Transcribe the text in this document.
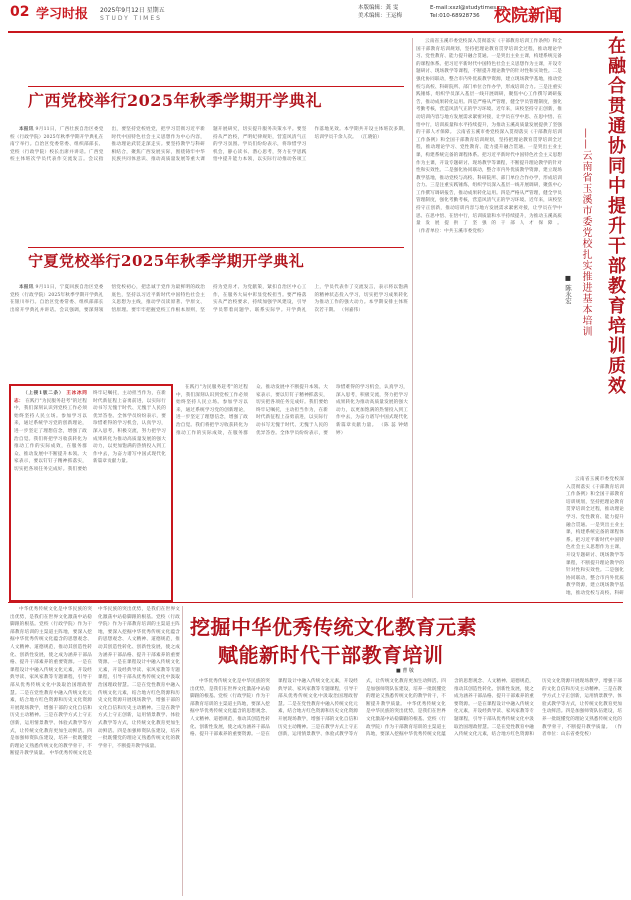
02 学习时报 2025年9月12日 星期五
STUDY TIMES
本版编辑：龚 雯
美术编辑：王运梅
E-mail:xxzl@studytimes.cn
Tel:010-68928736 校院新闻
广西党校举行2025年秋季学期开学典礼

本报讯 9月11日，广西壮族自治区委党校（行政学院）2025年秋季学期开学典礼在南宁举行。自治区党委常委、组织部部长、党校（行政学院）校长出席并讲话。广西党校主体班次学员代表作交流发言。会议指出，要坚持党校姓党，把学习贯彻习近平新时代中国特色社会主义思想作为中心内容，推动理论武装走深走实。要坚持教学与科研相结合，聚焦广西发展实际，围绕铸牢中华民族共同体意识、推动高质量发展等重大课题开展研究，切实提升服务决策水平。要坚持从严治校，严明纪律规矩，营造风清气正的学习氛围。学员们纷纷表示，将珍惜学习机会，静心读书、潜心思考，努力在学思践悟中提升能力本领，以实际行动推动各项工作落地见效。本学期共开设主体班次多期，培训学员千余人次。 （江晓铂）

宁夏党校举行2025年秋季学期开学典礼

本报讯 9月11日，宁夏回族自治区党委党校（行政学院）2025年秋季学期开学典礼在银川举行。自治区党委常委、组织部部长出席开学典礼并讲话。会议强调，要深刻领悟党校初心，把忠诚于党作为最鲜明的政治底色，坚持以习近平新时代中国特色社会主义思想为主线，推动学员读原著、学原文、悟原理。要牢牢把握党校工作根本原则，坚持为党育才、为党献策，紧扣自治区中心工作，在服务大局中彰显党校担当。要严格落实从严治校要求，持续加强学风建设，引导学员带着问题学、联系实际学。开学典礼上，学员代表作了交流发言，表示将以饱满的精神状态投入学习，切实把学习成果转化为推动工作的强大动力。本学期安排主体班次若干期。 （何嘉伟）

（上接1版二条） 王冰冰同志： 在践行"为民服务赶考"的过程中，我们深刻认识到党校工作必须始终坚持人民立场。参加学习以来，通过系统学习党的创新理论，进一步坚定了理想信念，增强了政治自觉。我们将把学习收获转化为推动工作的实际成效，在服务群众、推动发展中不断提升本领。大家表示，要以钉钉子精神抓落实，切实把各项任务完成好。我们要始终牢记嘱托，主动担当作为，在新时代新征程上奋勇前进，以实际行动书写无愧于时代、无愧于人民的优异答卷。全体学员纷纷表示，要珍惜难得的学习机会，认真学习，深入思考，积极交流，努力把学习成果转化为推动高质量发展的强大动力，以更加饱满的热情投入到工作中去，为奋力谱写中国式现代化新篇章贡献力量。

在践行"为民服务赶考"的过程中，我们深刻认识到党校工作必须始终坚持人民立场。参加学习以来，通过系统学习党的创新理论，进一步坚定了理想信念，增强了政治自觉。我们将把学习收获转化为推动工作的实际成效，在服务群众、推动发展中不断提升本领。大家表示，要以钉钉子精神抓落实，切实把各项任务完成好。我们要始终牢记嘱托，主动担当作为，在新时代新征程上奋勇前进，以实际行动书写无愧于时代、无愧于人民的优异答卷。全体学员纷纷表示，要珍惜难得的学习机会，认真学习，深入思考，积极交流，努力把学习成果转化为推动高质量发展的强大动力，以更加饱满的热情投入到工作中去，为奋力谱写中国式现代化新篇章贡献力量。 （陈 蕊 钟婧婷）

在融合贯通协同中提升干部教育培训质效
——云南省玉溪市委党校扎实推进基本培训
■ 陈永宏

云南省玉溪市委党校深入贯彻落实《干部教育培训工作条例》和全国干部教育培训规划，坚持把理论教育贯穿培训全过程，推动理论学习、党性教育、能力提升融合贯通。一是突出主业主课，构建系统完备的课程体系。把习近平新时代中国特色社会主义思想作为主课，开设专题研讨、现场教学等课程，不断提升理论教学的针对性和实效性。二是强化协同联动，整合市内外优质教学资源，建立现场教学基地，推动党校与高校、科研院所、部门单位合作办学，形成培训合力。三是注重实践锤炼，组织学员深入基层一线开展调研，聚焦中心工作撰写调研报告，推动成果转化运用。四是严格从严管理，健全学员管理制度，强化考勤考核，营造风清气正的学习环境。近年来，该校坚持守正创新，推动培训内容与地方发展需求紧密对接，让学员在学中思、在思中悟、在悟中行，培训质量和水平持续提升，为推动玉溪高质量发展提供了坚强的干部人才保障。 云南省玉溪市委党校深入贯彻落实《干部教育培训工作条例》和全国干部教育培训规划，坚持把理论教育贯穿培训全过程，推动理论学习、党性教育、能力提升融合贯通。一是突出主业主课，构建系统完备的课程体系。把习近平新时代中国特色社会主义思想作为主课，开设专题研讨、现场教学等课程，不断提升理论教学的针对性和实效性。二是强化协同联动，整合市内外优质教学资源，建立现场教学基地，推动党校与高校、科研院所、部门单位合作办学，形成培训合力。三是注重实践锤炼，组织学员深入基层一线开展调研，聚焦中心工作撰写调研报告，推动成果转化运用。四是严格从严管理，健全学员管理制度，强化考勤考核，营造风清气正的学习环境。近年来，该校坚持守正创新，推动培训内容与地方发展需求紧密对接，让学员在学中思、在思中悟、在悟中行，培训质量和水平持续提升，为推动玉溪高质量发展提供了坚强的干部人才保障。 （作者单位：中共玉溪市委党校）

云南省玉溪市委党校深入贯彻落实《干部教育培训工作条例》和全国干部教育培训规划，坚持把理论教育贯穿培训全过程，推动理论学习、党性教育、能力提升融合贯通。一是突出主业主课，构建系统完备的课程体系。把习近平新时代中国特色社会主义思想作为主课，开设专题研讨、现场教学等课程，不断提升理论教学的针对性和实效性。二是强化协同联动，整合市内外优质教学资源，建立现场教学基地，推动党校与高校、科研

中华优秀传统文化是中华民族的突出优势，是我们在世界文化激荡中站稳脚跟的根基。党校（行政学院）作为干部教育培训的主渠道主阵地，要深入挖掘中华优秀传统文化蕴含的思想观念、人文精神、道德规范，推动其创造性转化、创新性发展，使之成为涵养干部品格、提升干部素养的重要资源。一是在课程设计中融入传统文化元素，开设经典导读、家风家教等专题课程，引导干部从优秀传统文化中汲取治国理政智慧。二是在党性教育中融入传统文化元素，结合地方红色资源和历史文化资源开展现场教学，增强干部的文化自信和历史主动精神。三是在教学方式上守正创新，运用情景教学、体验式教学等方式，让传统文化教育更加生动鲜活。四是加强师资队伍建设，培养一批既懂党的理论又熟悉传统文化的教学骨干，不断提升教学质量。 中华优秀传统文化是中华民族的突出优势，是我们在世界文化激荡中站稳脚跟的根基。党校（行政学院）作为干部教育培训的主渠道主阵地，要深入挖掘中华优秀传统文化蕴含的思想观念、人文精神、道德规范，推动其创造性转化、创新性发展，使之成为涵养干部品格、提升干部素养的重要资源。一是在课程设计中融入传统文化元素，开设经典导读、家风家教等专题课程，引导干部从优秀传统文化中汲取治国理政智慧。二是在党性教育中融入传统文化元素，结合地方红色资源和历史文化资源开展现场教学，增强干部的文化自信和历史主动精神。三是在教学方式上守正创新，运用情景教学、体验式教学等方式，让传统文化教育更加生动鲜活。四是加强师资队伍建设，培养一批既懂党的理论又熟悉传统文化的教学骨干，不断提升教学质量。

挖掘中华优秀传统文化教育元素
赋能新时代干部教育培训
■ 曹 敬

中华优秀传统文化是中华民族的突出优势，是我们在世界文化激荡中站稳脚跟的根基。党校（行政学院）作为干部教育培训的主渠道主阵地，要深入挖掘中华优秀传统文化蕴含的思想观念、人文精神、道德规范，推动其创造性转化、创新性发展，使之成为涵养干部品格、提升干部素养的重要资源。一是在课程设计中融入传统文化元素，开设经典导读、家风家教等专题课程，引导干部从优秀传统文化中汲取治国理政智慧。二是在党性教育中融入传统文化元素，结合地方红色资源和历史文化资源开展现场教学，增强干部的文化自信和历史主动精神。三是在教学方式上守正创新，运用情景教学、体验式教学等方式，让传统文化教育更加生动鲜活。四是加强师资队伍建设，培养一批既懂党的理论又熟悉传统文化的教学骨干，不断提升教学质量。 中华优秀传统文化是中华民族的突出优势，是我们在世界文化激荡中站稳脚跟的根基。党校（行政学院）作为干部教育培训的主渠道主阵地，要深入挖掘中华优秀传统文化蕴含的思想观念、人文精神、道德规范，推动其创造性转化、创新性发展，使之成为涵养干部品格、提升干部素养的重要资源。一是在课程设计中融入传统文化元素，开设经典导读、家风家教等专题课程，引导干部从优秀传统文化中汲取治国理政智慧。二是在党性教育中融入传统文化元素，结合地方红色资源和历史文化资源开展现场教学，增强干部的文化自信和历史主动精神。三是在教学方式上守正创新，运用情景教学、体验式教学等方式，让传统文化教育更加生动鲜活。四是加强师资队伍建设，培养一批既懂党的理论又熟悉传统文化的教学骨干，不断提升教学质量。 （作者单位：山东省委党校）
